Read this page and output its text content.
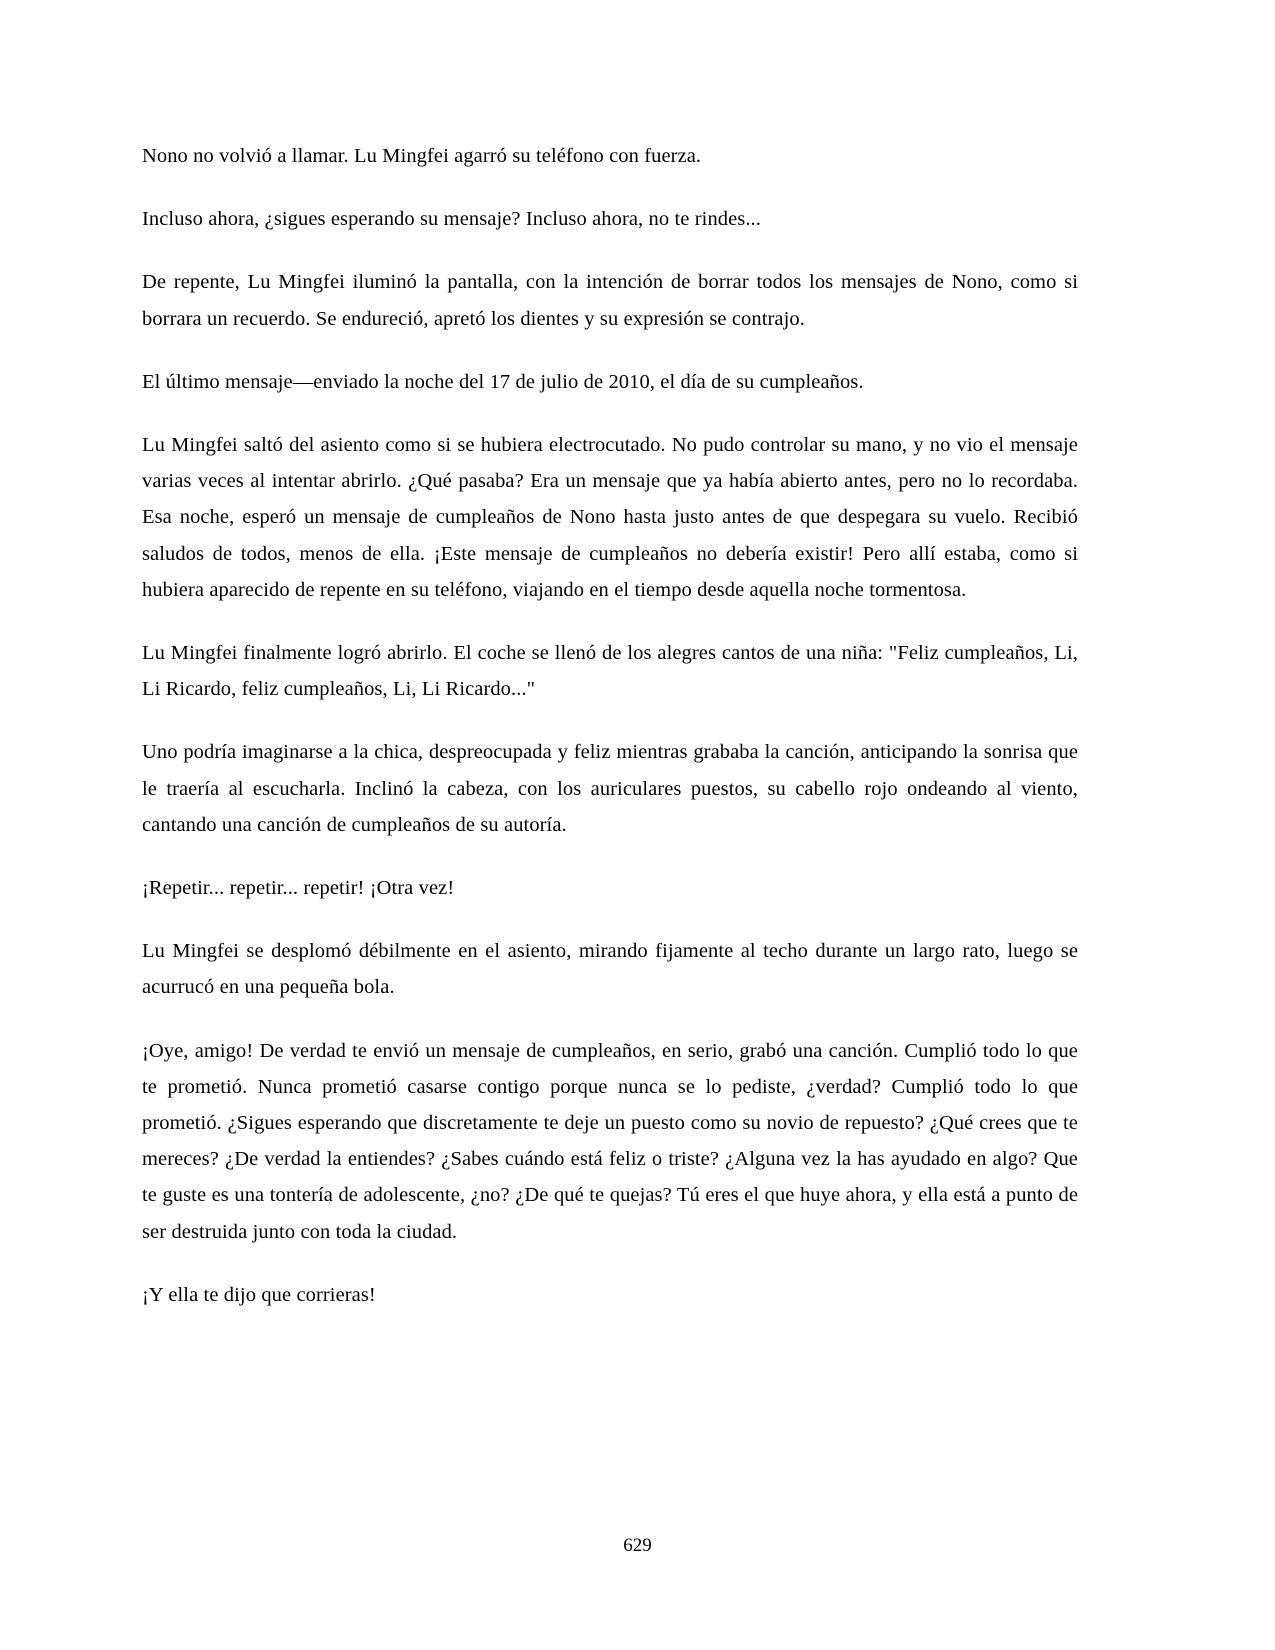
Nono no volvió a llamar. Lu Mingfei agarró su teléfono con fuerza.

Incluso ahora, ¿sigues esperando su mensaje? Incluso ahora, no te rindes...

De repente, Lu Mingfei iluminó la pantalla, con la intención de borrar todos los mensajes de Nono, como si borrara un recuerdo. Se endureció, apretó los dientes y su expresión se contrajo.

El último mensaje—enviado la noche del 17 de julio de 2010, el día de su cumpleaños.

Lu Mingfei saltó del asiento como si se hubiera electrocutado. No pudo controlar su mano, y no vio el mensaje varias veces al intentar abrirlo. ¿Qué pasaba? Era un mensaje que ya había abierto antes, pero no lo recordaba. Esa noche, esperó un mensaje de cumpleaños de Nono hasta justo antes de que despegara su vuelo. Recibió saludos de todos, menos de ella. ¡Este mensaje de cumpleaños no debería existir! Pero allí estaba, como si hubiera aparecido de repente en su teléfono, viajando en el tiempo desde aquella noche tormentosa.

Lu Mingfei finalmente logró abrirlo. El coche se llenó de los alegres cantos de una niña: "Feliz cumpleaños, Li, Li Ricardo, feliz cumpleaños, Li, Li Ricardo..."

Uno podría imaginarse a la chica, despreocupada y feliz mientras grababa la canción, anticipando la sonrisa que le traería al escucharla. Inclinó la cabeza, con los auriculares puestos, su cabello rojo ondeando al viento, cantando una canción de cumpleaños de su autoría.

¡Repetir... repetir... repetir! ¡Otra vez!

Lu Mingfei se desplomó débilmente en el asiento, mirando fijamente al techo durante un largo rato, luego se acurrucó en una pequeña bola.

¡Oye, amigo! De verdad te envió un mensaje de cumpleaños, en serio, grabó una canción. Cumplió todo lo que te prometió. Nunca prometió casarse contigo porque nunca se lo pediste, ¿verdad? Cumplió todo lo que prometió. ¿Sigues esperando que discretamente te deje un puesto como su novio de repuesto? ¿Qué crees que te mereces? ¿De verdad la entiendes? ¿Sabes cuándo está feliz o triste? ¿Alguna vez la has ayudado en algo? Que te guste es una tontería de adolescente, ¿no? ¿De qué te quejas? Tú eres el que huye ahora, y ella está a punto de ser destruida junto con toda la ciudad.

¡Y ella te dijo que corrieras!

629
